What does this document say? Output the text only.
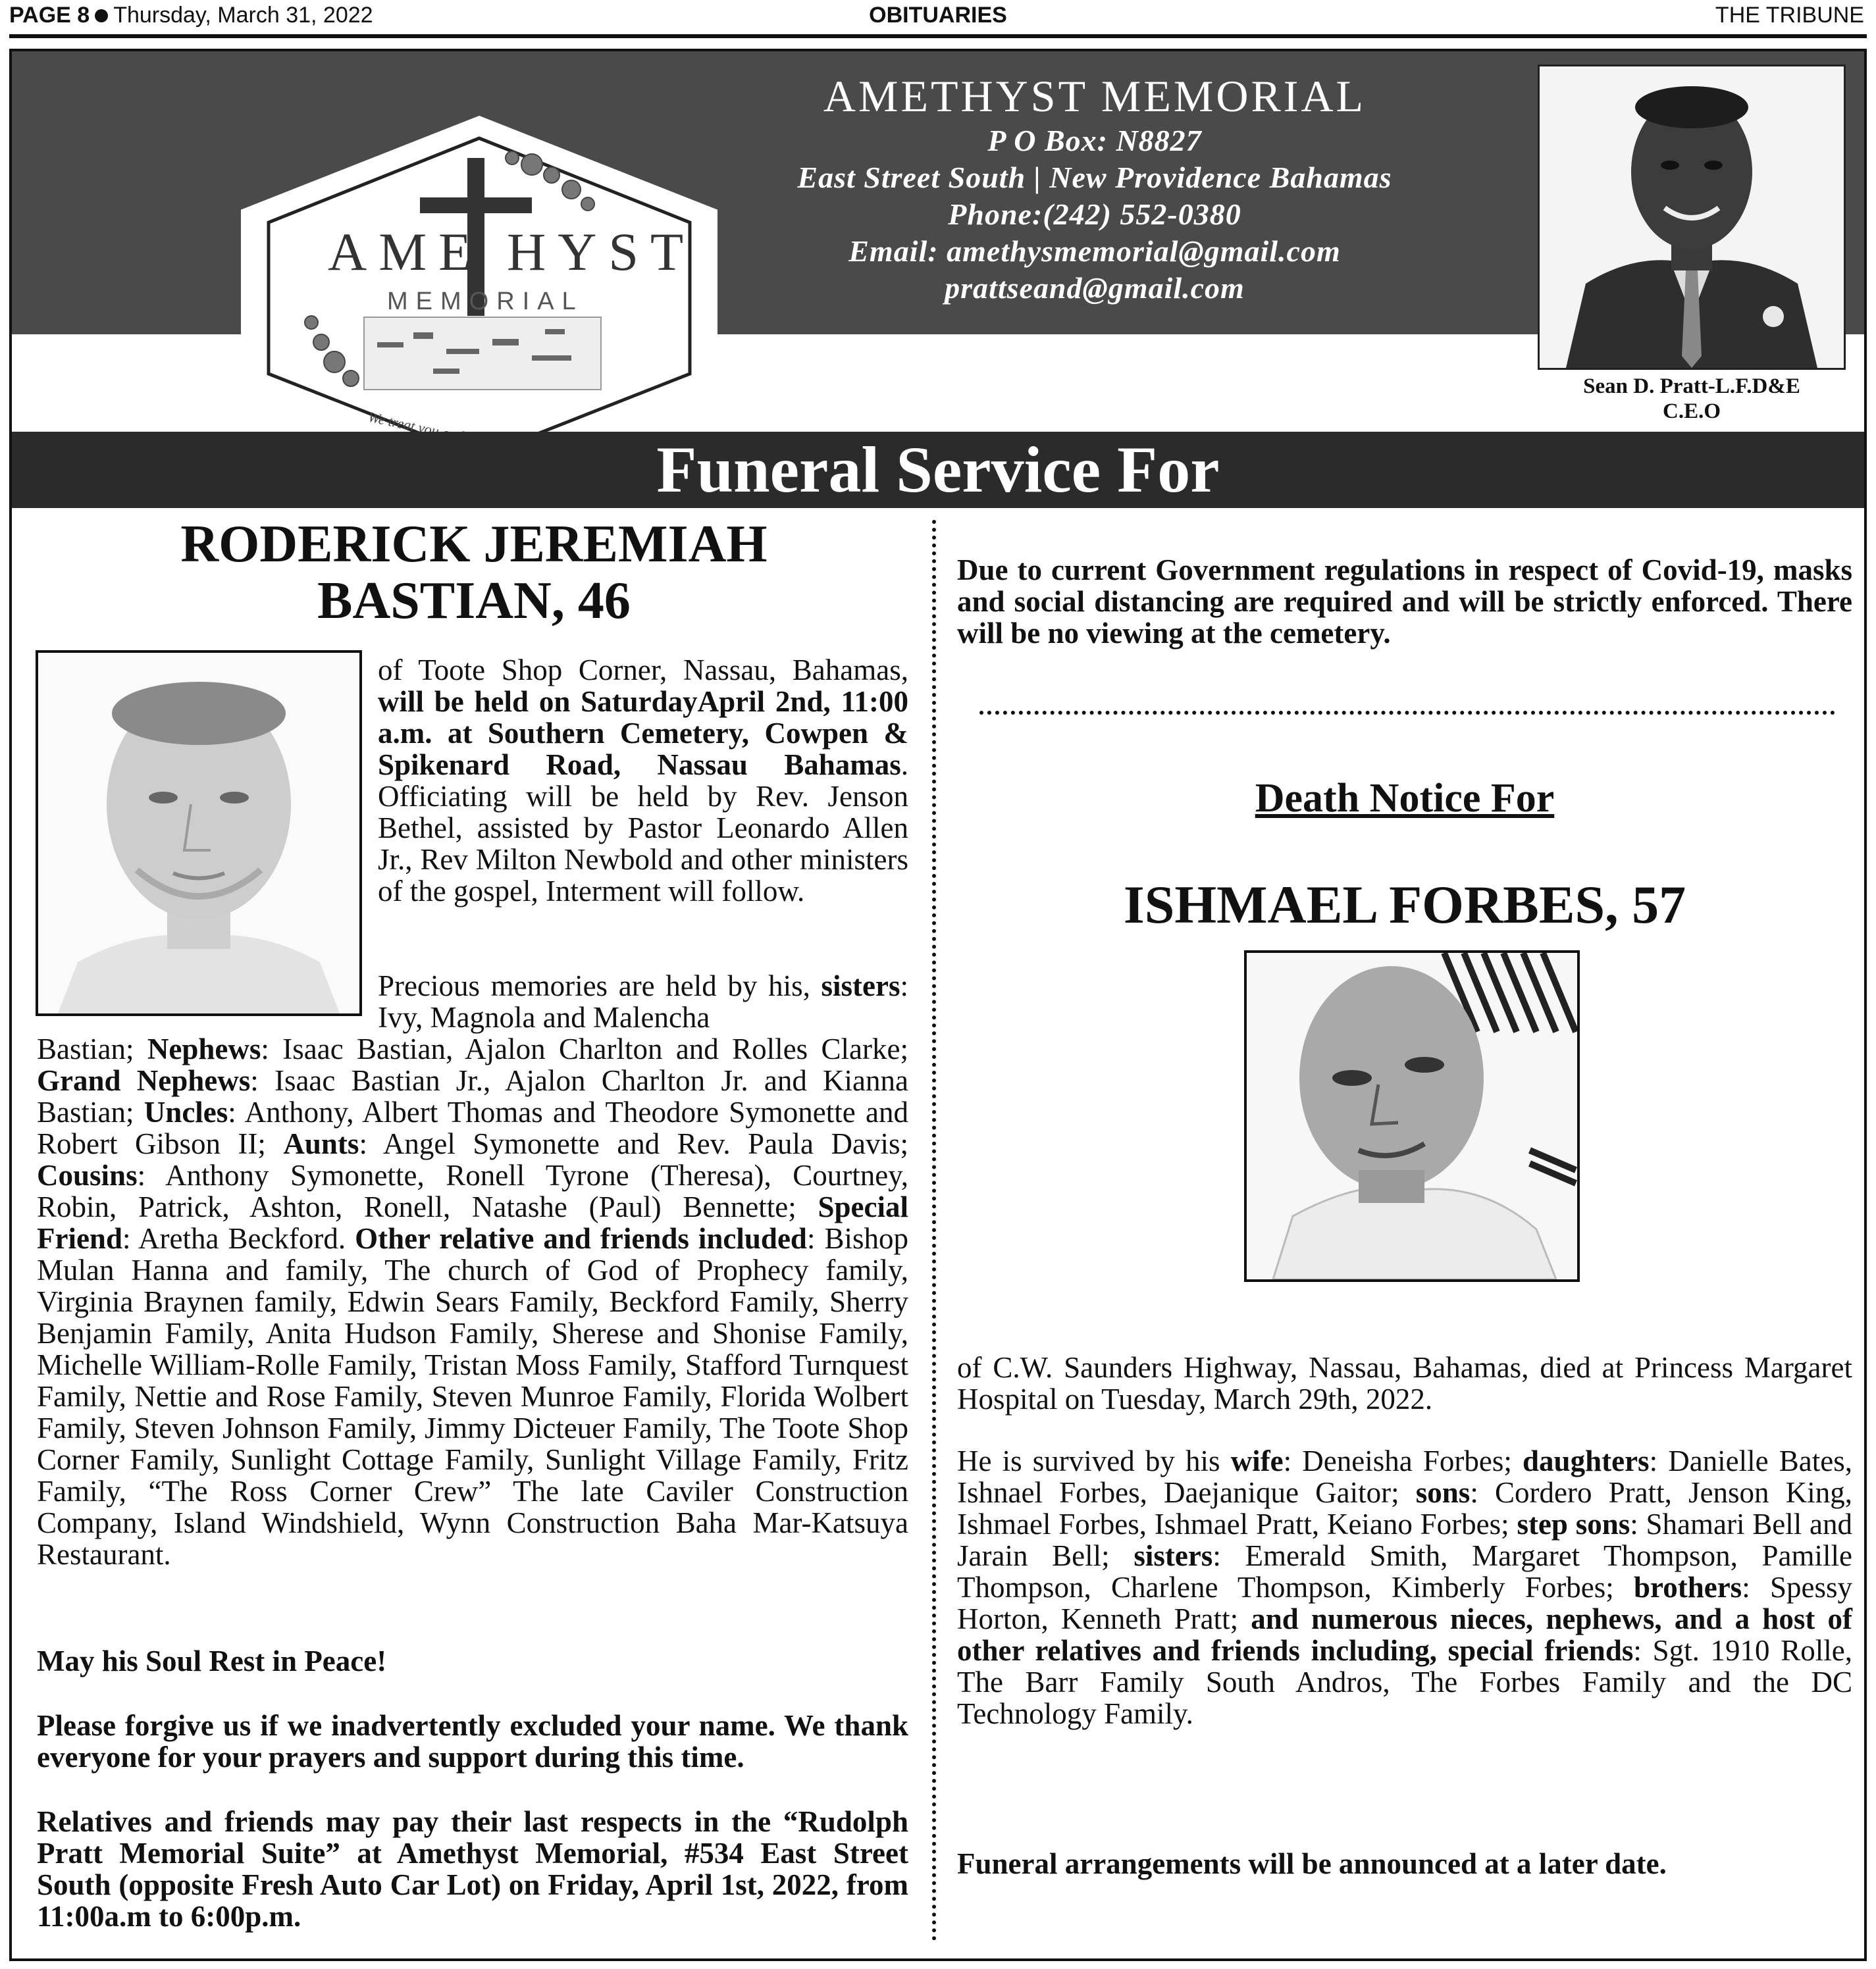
PAGE 8 Thursday, March 31, 2022	OBITUARIES	THE TRIBUNE
AME HYST
MEMORIAL
AMETHYST MEMORIAL
P O Box: N8827
East Street South | New Providence Bahamas
Phone:(242) 552-0380
Email: amethysmemorial@gmail.com
prattseand@gmail.com
Sean D. Pratt-L.F.D&E
C.E.O
Funeral Service For
RODERICK JEREMIAH
BASTIAN, 46
of Toote Shop Corner, Nassau, Bahamas, will be held on SaturdayApril 2nd, 11:00 a.m. at Southern Cemetery, Cowpen & Spikenard Road, Nassau Bahamas. Officiating will be held by Rev. Jenson Bethel, assisted by Pastor Leonardo Allen Jr., Rev Milton Newbold and other ministers of the gospel, Interment will follow.
Precious memories are held by his, sisters: Ivy, Magnola and Malencha
Bastian; Nephews: Isaac Bastian, Ajalon Charlton and Rolles Clarke; Grand Nephews: Isaac Bastian Jr., Ajalon Charlton Jr. and Kianna Bastian; Uncles: Anthony, Albert Thomas and Theodore Symonette and Robert Gibson II; Aunts: Angel Symonette and Rev. Paula Davis; Cousins: Anthony Symonette, Ronell Tyrone (Theresa), Courtney, Robin, Patrick, Ashton, Ronell, Natashe (Paul) Bennette; Special Friend: Aretha Beckford. Other relative and friends included: Bishop Mulan Hanna and family, The church of God of Prophecy family, Virginia Braynen family, Edwin Sears Family, Beckford Family, Sherry Benjamin Family, Anita Hudson Family, Sherese and Shonise Family, Michelle William-Rolle Family, Tristan Moss Family, Stafford Turnquest Family, Nettie and Rose Family, Steven Munroe Family, Florida Wolbert Family, Steven Johnson Family, Jimmy Dicteuer Family, The Toote Shop Corner Family, Sunlight Cottage Family, Sunlight Village Family, Fritz Family, “The Ross Corner Crew” The late Caviler Construction Company, Island Windshield, Wynn Construction Baha Mar-Katsuya Restaurant.
May his Soul Rest in Peace!
Please forgive us if we inadvertently excluded your name. We thank everyone for your prayers and support during this time.
Relatives and friends may pay their last respects in the “Rudolph Pratt Memorial Suite” at Amethyst Memorial, #534 East Street South (opposite Fresh Auto Car Lot) on Friday, April 1st, 2022, from 11:00a.m to 6:00p.m.
Due to current Government regulations in respect of Covid-19, masks and social distancing are required and will be strictly enforced. There will be no viewing at the cemetery.
Death Notice For
ISHMAEL FORBES, 57
of C.W. Saunders Highway, Nassau, Bahamas, died at Princess Margaret Hospital on Tuesday, March 29th, 2022.
He is survived by his wife: Deneisha Forbes; daughters: Danielle Bates, Ishnael Forbes, Daejanique Gaitor; sons: Cordero Pratt, Jenson King, Ishmael Forbes, Ishmael Pratt, Keiano Forbes; step sons: Shamari Bell and Jarain Bell; sisters: Emerald Smith, Margaret Thompson, Pamille Thompson, Charlene Thompson, Kimberly Forbes; brothers: Spessy Horton, Kenneth Pratt; and numerous nieces, nephews, and a host of other relatives and friends including, special friends: Sgt. 1910 Rolle, The Barr Family South Andros, The Forbes Family and the DC Technology Family.
Funeral arrangements will be announced at a later date.
